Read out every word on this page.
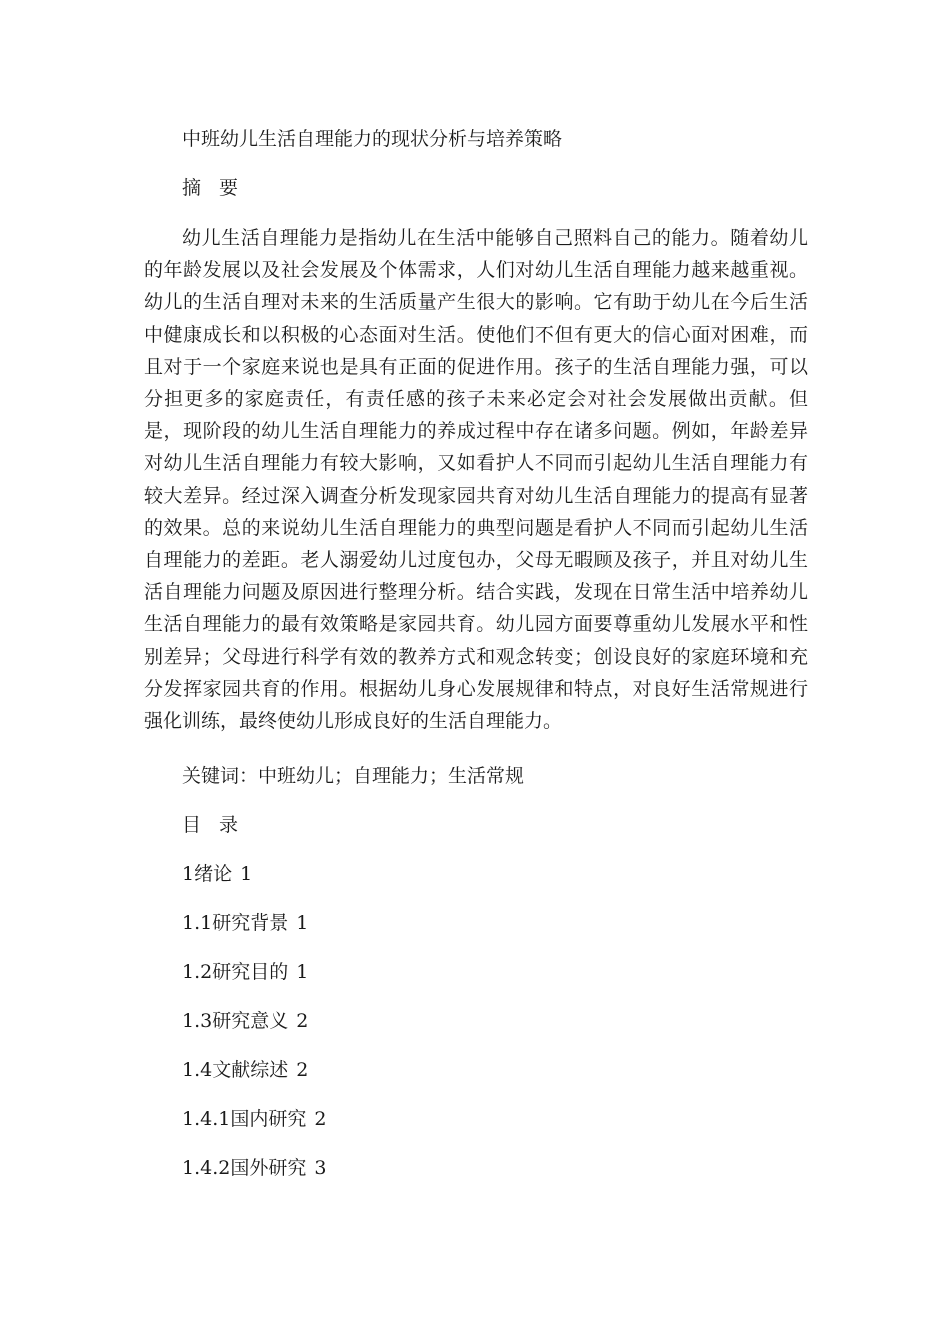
中班幼儿生活自理能力的现状分析与培养策略
摘 要

幼儿生活自理能力是指幼儿在生活中能够自己照料自己的能力。随着幼儿的年龄发展以及社会发展及个体需求，人们对幼儿生活自理能力越来越重视。幼儿的生活自理对未来的生活质量产生很大的影响。它有助于幼儿在今后生活中健康成长和以积极的心态面对生活。使他们不但有更大的信心面对困难，而且对于一个家庭来说也是具有正面的促进作用。孩子的生活自理能力强，可以分担更多的家庭责任，有责任感的孩子未来必定会对社会发展做出贡献。但是，现阶段的幼儿生活自理能力的养成过程中存在诸多问题。例如，年龄差异对幼儿生活自理能力有较大影响，又如看护人不同而引起幼儿生活自理能力有较大差异。经过深入调查分析发现家园共育对幼儿生活自理能力的提高有显著的效果。总的来说幼儿生活自理能力的典型问题是看护人不同而引起幼儿生活自理能力的差距。老人溺爱幼儿过度包办，父母无暇顾及孩子，并且对幼儿生活自理能力问题及原因进行整理分析。结合实践，发现在日常生活中培养幼儿生活自理能力的最有效策略是家园共育。幼儿园方面要尊重幼儿发展水平和性别差异；父母进行科学有效的教养方式和观念转变；创设良好的家庭环境和充分发挥家园共育的作用。根据幼儿身心发展规律和特点，对良好生活常规进行强化训练，最终使幼儿形成良好的生活自理能力。

关键词：中班幼儿；自理能力；生活常规
目 录
1绪论 1
1.1研究背景 1
1.2研究目的 1
1.3研究意义 2
1.4文献综述 2
1.4.1国内研究 2
1.4.2国外研究 3
